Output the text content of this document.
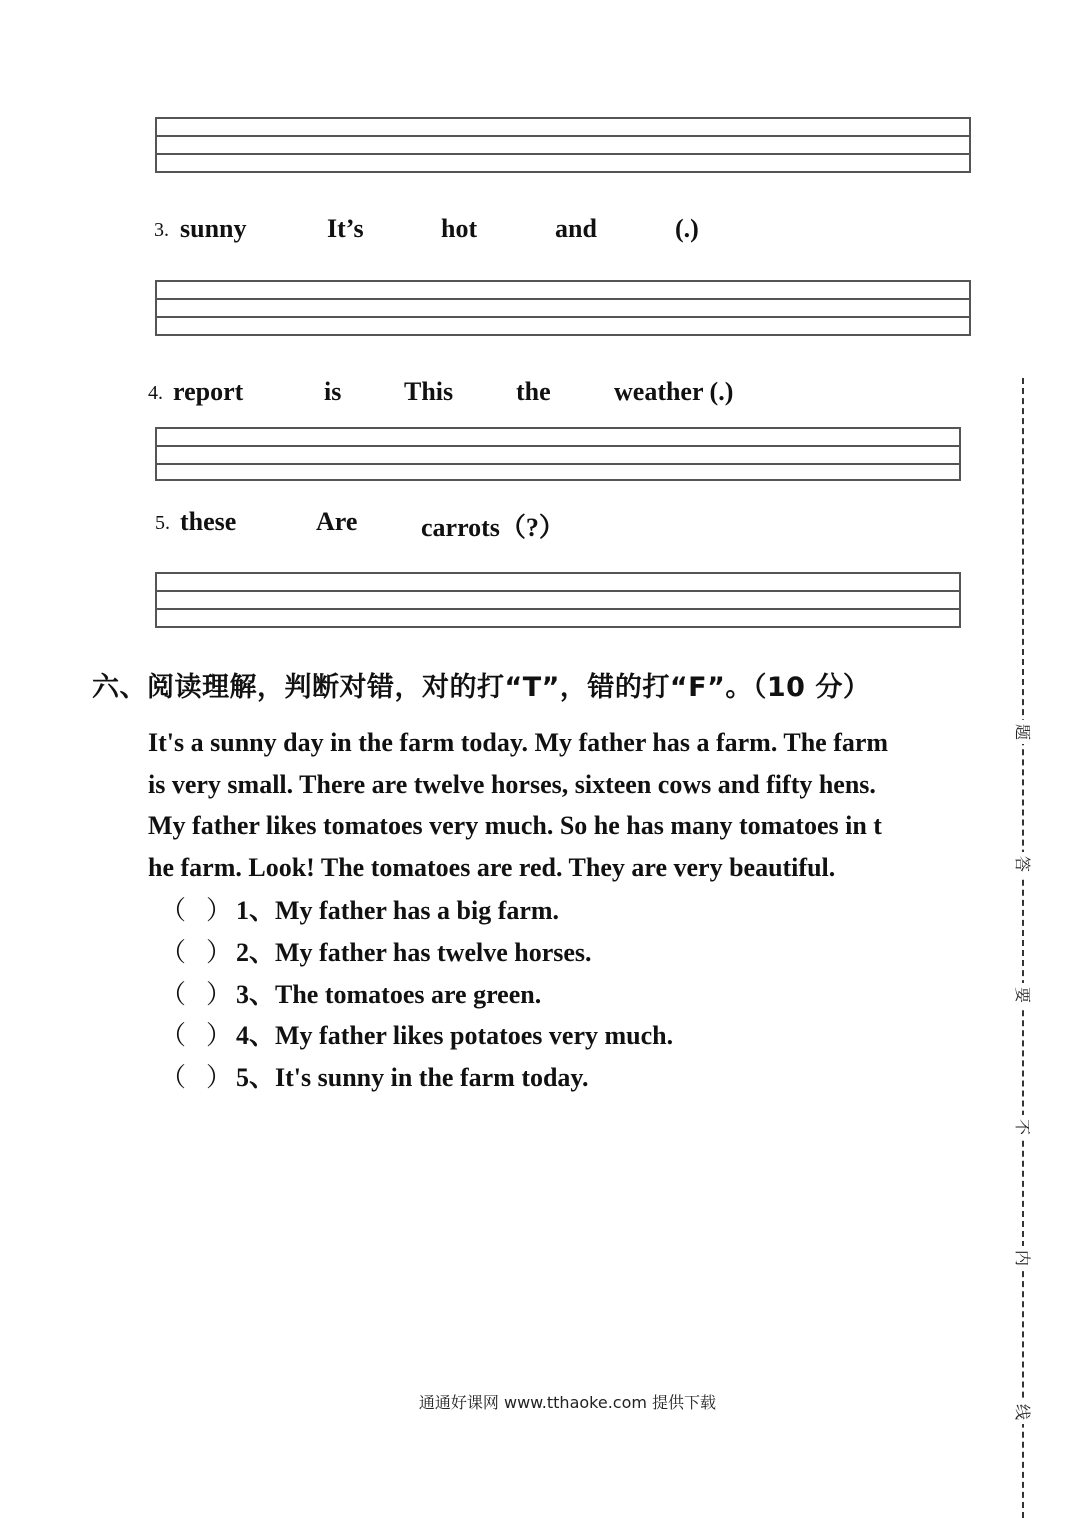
3. sunny	It’s	hot	and	(.)
4. report	is This the weather (.)
5. these	Are carrots（?）
六、阅读理解，判断对错，对的打“T”，错的打“F”。（10 分）
It's a sunny day in the farm today. My father has a farm. The farm
is very small. There are twelve horses, sixteen cows and fifty hens.
My father likes tomatoes very much. So he has many tomatoes in t
he farm. Look! The tomatoes are red. They are very beautiful.
（ ） 1、My father has a big farm.
（ ） 2、My father has twelve horses.
（ ） 3、The tomatoes are green.
（ ） 4、My father likes potatoes very much.
（ ） 5、It's sunny in the farm today.
通通好课网 www.tthaoke.com 提供下载
题
答
要
不
内
线
